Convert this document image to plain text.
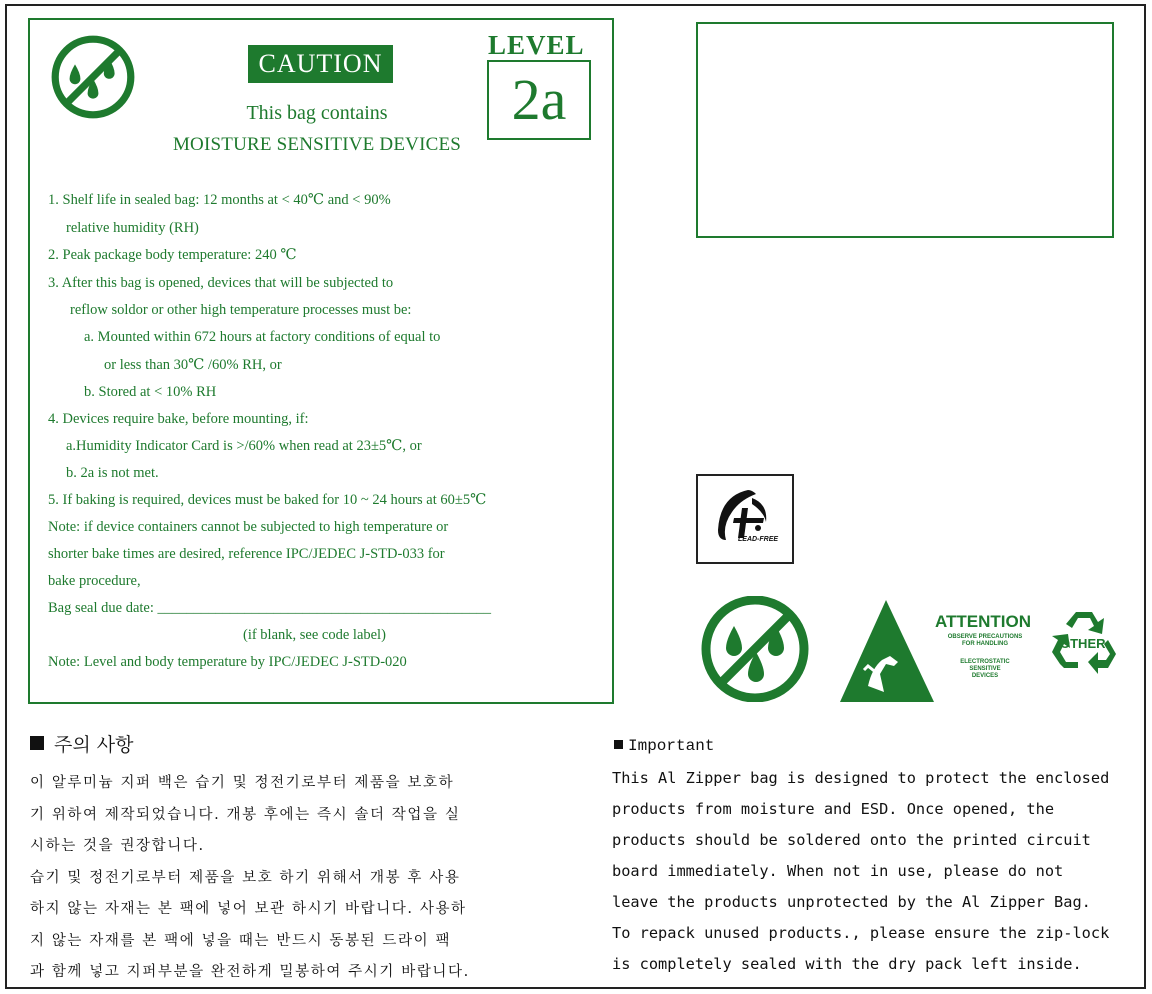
CAUTION
LEVEL
2a
This bag contains
MOISTURE SENSITIVE DEVICES
1. Shelf life in sealed bag: 12 months at < 40℃ and < 90%
relative humidity (RH)
2. Peak package body temperature: 240 ℃
3. After this bag is opened, devices that will be subjected to
reflow soldor or other high temperature processes must be:
a. Mounted within 672 hours at factory conditions of equal to
or less than 30℃ /60% RH, or
b. Stored at < 10% RH
4. Devices require bake, before mounting, if:
a.Humidity Indicator Card is >/60% when read at 23±5℃, or
b. 2a is not met.
5. If baking is required, devices must be baked for 10 ~ 24 hours at 60±5℃
Note: if device containers cannot be subjected to high temperature or
shorter bake times are desired, reference IPC/JEDEC J-STD-033 for
bake procedure,
Bag seal due date: ______________________________________________
(if blank, see code label)
Note: Level and body temperature by IPC/JEDEC J-STD-020
LEAD-FREE
ATTENTION
OBSERVE PRECAUTIONS
FOR HANDLING
ELECTROSTATIC
SENSITIVE
DEVICES
OTHER
주의 사항
이 알루미늄 지퍼 백은 습기 및 정전기로부터 제품을 보호하
기 위하여 제작되었습니다. 개봉 후에는 즉시 솔더 작업을 실
시하는 것을 권장합니다.
습기 및 정전기로부터 제품을 보호 하기 위해서 개봉 후 사용
하지 않는 자재는 본 팩에 넣어 보관 하시기 바랍니다. 사용하
지 않는 자재를 본 팩에 넣을 때는 반드시 동봉된 드라이 팩
과 함께 넣고 지퍼부분을 완전하게 밀봉하여 주시기 바랍니다.
Important
This Al Zipper bag is designed to protect the enclosed
products from moisture and ESD. Once opened, the
products should be soldered onto the printed circuit
board immediately. When not in use, please do not
leave the products unprotected by the Al Zipper Bag.
To repack unused products., please ensure the zip-lock
is completely sealed with the dry pack left inside.
